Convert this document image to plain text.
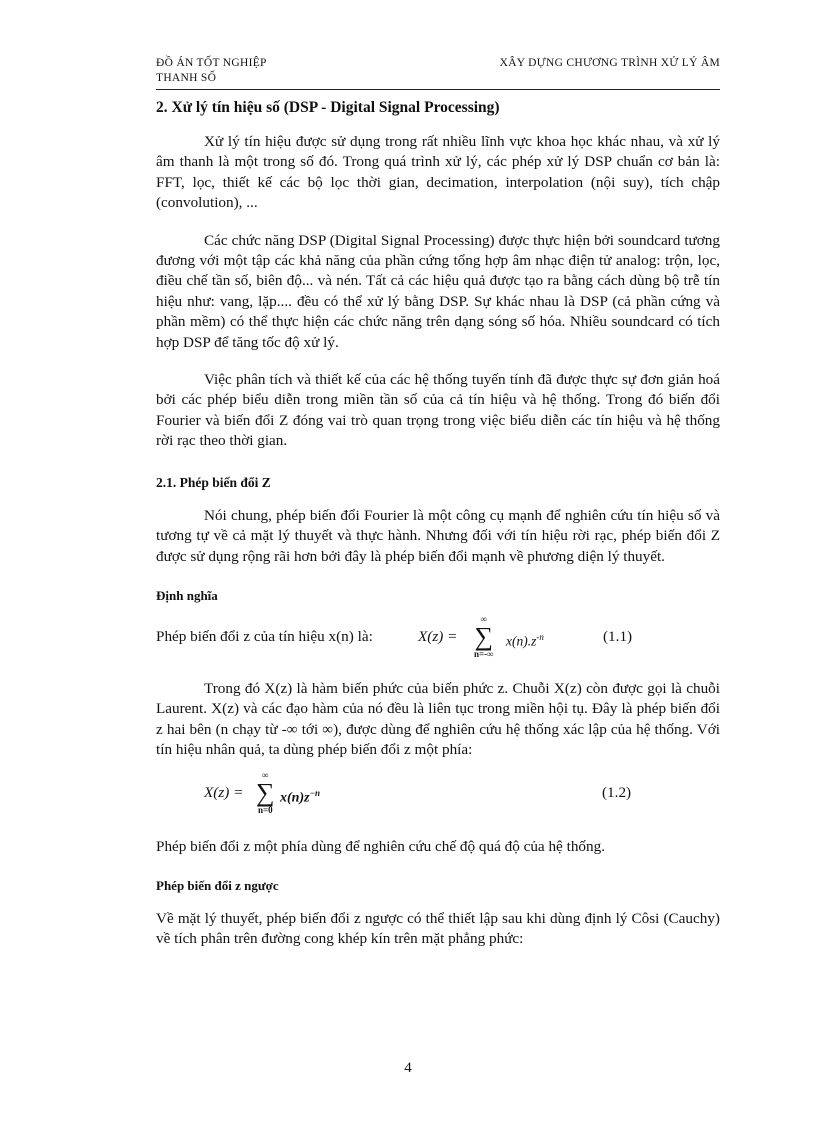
ĐỒ ÁN TỐT NGHIỆP
THANH SỐ
XÂY DỰNG CHƯƠNG TRÌNH XỬ LÝ ÂM
2. Xử lý tín hiệu số (DSP - Digital Signal Processing)

Xử lý tín hiệu được sử dụng trong rất nhiều lĩnh vực khoa học khác nhau, và xử lý âm thanh là một trong số đó. Trong quá trình xử lý, các phép xử lý DSP chuẩn cơ bản là: FFT, lọc, thiết kế các bộ lọc thời gian, decimation, interpolation (nội suy), tích chập (convolution), ...

Các chức năng DSP (Digital Signal Processing) được thực hiện bởi soundcard tương đương với một tập các khả năng của phần cứng tổng hợp âm nhạc điện tử analog: trộn, lọc, điều chế tần số, biên độ... và nén. Tất cả các hiệu quả được tạo ra bằng cách dùng bộ trễ tín hiệu như: vang, lặp.... đều có thể xử lý bằng DSP. Sự khác nhau là DSP (cả phần cứng và phần mềm) có thể thực hiện các chức năng trên dạng sóng số hóa. Nhiều soundcard có tích hợp DSP để tăng tốc độ xử lý.

Việc phân tích và thiết kế của các hệ thống tuyến tính đã được thực sự đơn giản hoá bởi các phép biểu diễn trong miền tần số của cả tín hiệu và hệ thống. Trong đó biến đổi Fourier và biến đổi Z đóng vai trò quan trọng trong việc biểu diễn các tín hiệu và hệ thống rời rạc theo thời gian.

2.1. Phép biến đổi Z

Nói chung, phép biến đổi Fourier là một công cụ mạnh để nghiên cứu tín hiệu số và tương tự về cả mặt lý thuyết và thực hành. Nhưng đối với tín hiệu rời rạc, phép biến đổi Z được sử dụng rộng rãi hơn bởi đây là phép biến đổi mạnh về phương diện lý thuyết.

Định nghĩa
Phép biến đổi z của tín hiệu x(n) là:	X(z) =
∞
∑
n=-∞
$x(n).z^{-n}$	(1.1)

Trong đó X(z) là hàm biến phức của biến phức z. Chuỗi X(z) còn được gọi là chuỗi Laurent. X(z) và các đạo hàm của nó đều là liên tục trong miền hội tụ. Đây là phép biến đổi z hai bên (n chạy từ -∞ tới ∞), được dùng để nghiên cứu hệ thống xác lập của hệ thống. Với tín hiệu nhân quả, ta dùng phép biến đổi z một phía:

X(z) =
∞
∑
n=0
$x(n)z^{-n}$	(1.2)

Phép biến đổi z một phía dùng để nghiên cứu chế độ quá độ của hệ thống.

Phép biến đổi z ngược

Về mặt lý thuyết, phép biến đổi z ngược có thể thiết lập sau khi dùng định lý Côsi (Cauchy) về tích phân trên đường cong khép kín trên mặt phẳng phức:

4
